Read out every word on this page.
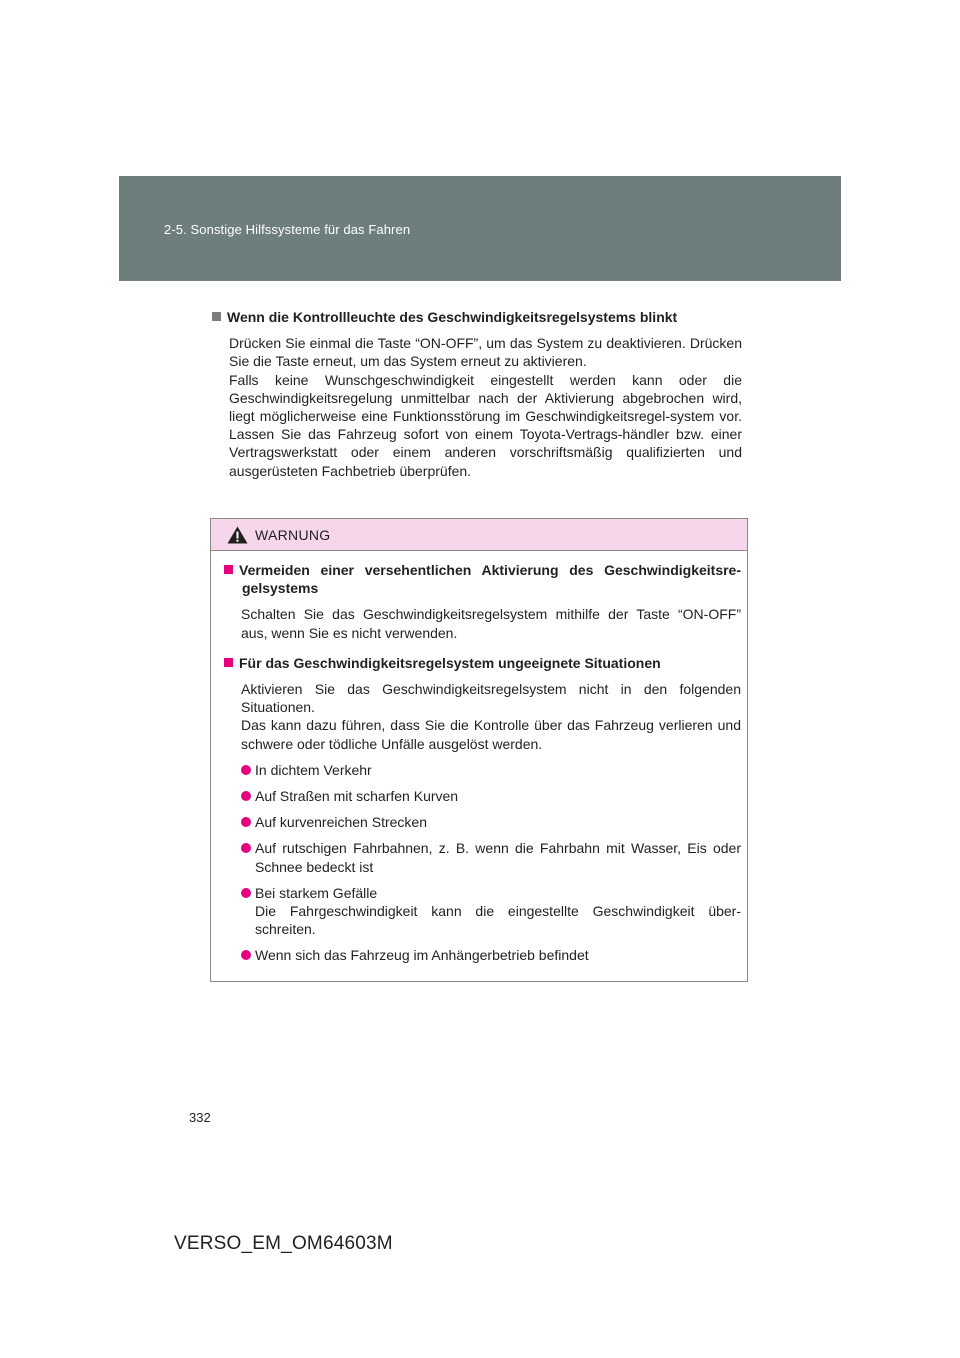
2-5. Sonstige Hilfssysteme für das Fahren

Wenn die Kontrollleuchte des Geschwindigkeitsregelsystems blinkt

Drücken Sie einmal die Taste “ON-OFF”, um das System zu deaktivieren. Drücken Sie die Taste erneut, um das System erneut zu aktivieren.
Falls keine Wunschgeschwindigkeit eingestellt werden kann oder die Geschwindigkeitsregelung unmittelbar nach der Aktivierung abgebrochen wird, liegt möglicherweise eine Funktionsstörung im Geschwindigkeitsregel-system vor. Lassen Sie das Fahrzeug sofort von einem Toyota-Vertrags-händler bzw. einer Vertragswerkstatt oder einem anderen vorschriftsmäßig qualifizierten und ausgerüsteten Fachbetrieb überprüfen.

WARNUNG
Vermeiden einer versehentlichen Aktivierung des Geschwindigkeitsre-gelsystems
Schalten Sie das Geschwindigkeitsregelsystem mithilfe der Taste “ON-OFF” aus, wenn Sie es nicht verwenden.
Für das Geschwindigkeitsregelsystem ungeeignete Situationen
Aktivieren Sie das Geschwindigkeitsregelsystem nicht in den folgenden Situationen.
Das kann dazu führen, dass Sie die Kontrolle über das Fahrzeug verlieren und schwere oder tödliche Unfälle ausgelöst werden.
In dichtem Verkehr
Auf Straßen mit scharfen Kurven
Auf kurvenreichen Strecken
Auf rutschigen Fahrbahnen, z. B. wenn die Fahrbahn mit Wasser, Eis oder Schnee bedeckt ist
Bei starkem Gefälle
Die Fahrgeschwindigkeit kann die eingestellte Geschwindigkeit über-schreiten.
Wenn sich das Fahrzeug im Anhängerbetrieb befindet
332
VERSO_EM_OM64603M
